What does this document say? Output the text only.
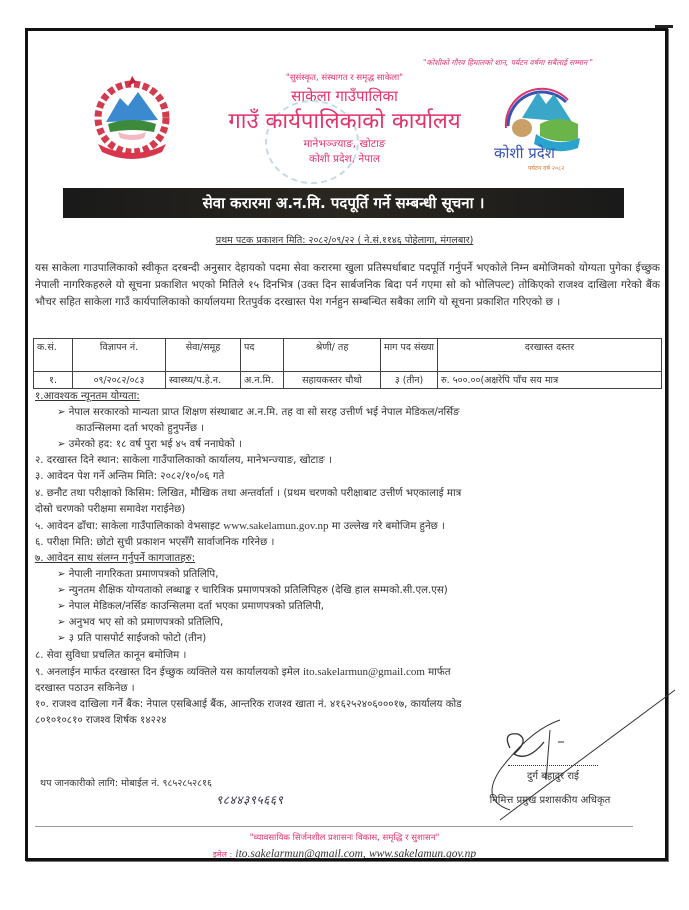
"कोशीको गौरव हिमालको शान, पर्यटन वर्षमा सबैलाई सम्मान "
कोशी प्रदेश
पर्यटन वर्ष २०८२
"सुसंस्कृत, संस्थागत र समृद्ध साकेला"
साकेला गाउँपालिका
गाउँ कार्यपालिकाको कार्यालय
मानेभञ्ज्याङ, खोटाङ
कोशी प्रदेश, नेपाल
सेवा करारमा अ.न.मि. पदपूर्ति गर्ने सम्बन्धी सूचना ।
प्रथम पटक प्रकाशन मिति: २०८२/०९/२२ ( ने.सं.११४६ पोहेलागा, मंगलबार)
यस साकेला गाउपालिकाको स्वीकृत दरबन्दी अनुसार देहायको पदमा सेवा करारमा खुला प्रतिस्पर्धाबाट पदपूर्ति गर्नुपर्ने भएकोले निम्न बमोजिमको योग्यता पुगेका ईच्छुक नेपाली नागरिकहरुले यो सूचना प्रकाशित भएको मितिले १५ दिनभित्र (उक्त दिन सार्बजनिक बिदा पर्न गएमा सो को भोलिपल्ट) तोकिएको राजश्व दाखिला गरेको बैंक भौचर सहित साकेला गाउँ कार्यपालिकाको कार्यालयमा रितपुर्वक दरखास्त पेश गर्नहुन सम्बन्धित सबैका लागि यो सूचना प्रकाशित गरिएको छ ।
क.सं.	विज्ञापन नं.	सेवा/समूह	पद	श्रेणी/ तह	माग पद संख्या	दरखास्त दस्तर
१.	०९/२०८२/०८३	स्वास्थ्य/प.हे.न.	अ.न.मि.	सहायकस्तर चौथो	३ (तीन)	रु. ५००.००(अक्षरेपि पाँच सय मात्र
१.आवश्यक न्यूनतम योग्यता:
➢ नेपाल सरकारको मान्यता प्राप्त शिक्षण संस्थाबाट अ.न.मि. तह वा सो सरह उत्तीर्ण भई नेपाल मेडिकल/नर्सिङ
काउन्सिलमा दर्ता भएको हुनुपर्नेछ ।
➢ उमेरको हद: १८ वर्ष पुरा भई ४५ वर्ष ननाघेको ।
२. दरखास्त दिने स्थान: साकेला गाउँपालिकाको कार्यालय, मानेभन्ज्याङ, खोटाङ ।
३. आवेदन पेश गर्ने अन्तिम मिति: २०८२/१०/०६ गते
४. छनौट तथा परीक्षाको किसिम: लिखित, मौखिक तथा अन्तर्वार्ता । (प्रथम चरणको परीक्षाबाट उत्तीर्ण भएकालाई मात्र
दोस्रो चरणको परीक्षमा समावेश गराईनेछ)
५. आवेदन ढाँचा: साकेला गाउँपालिकाको वेभसाइट www.sakelamun.gov.np मा उल्लेख गरे बमोजिम हुनेछ ।
६. परीक्षा मिति: छोटो सुची प्रकाशन भएसँगै सार्वाजनिक गरिनेछ ।
७. आवेदन साथ संलग्न गर्नुपर्ने कागजातहरु:
➢ नेपाली नागरिकता प्रमाणपत्रको प्रतिलिपि,
➢ न्युनतम शैक्षिक योग्यताको लब्धाङ्क र चारित्रिक प्रमाणपत्रको प्रतिलिपिहरु (देखि हाल सम्मको.सी.एल.एस)
➢ नेपाल मेडिकल/नर्सिङ काउन्सिलमा दर्ता भएका प्रमाणपत्रको प्रतिलिपी,
➢ अनुभव भए सो को प्रमाणपत्रको प्रतिलिपि,
➢ ३ प्रति पासपोर्ट साईजको फोटो (तीन)
८. सेवा सुविधा प्रचलित कानून बमोजिम ।
९. अनलाईन मार्फत दरखास्त दिन ईच्छुक व्यक्तिले यस कार्यालयको इमेल ito.sakelarmun@gmail.com मार्फत
दरखास्त पठाउन सकिनेछ ।
१०. राजश्व दाखिला गर्ने बैंक: नेपाल एसबिआई बैंक, आन्तरिक राजश्व खाता नं. ४१६२५२४०६०००१७, कार्यालय कोड
८०१०१०८१० राजश्व शिर्षक १४२२४
थप जानकारीको लागि: मोबाईल नं. ९८५२८५२८१६
९८४४३९५६६९
दुर्ग बहादुर राई
निमित्त प्रमुख प्रशासकीय अधिकृत
"व्यावसायिक सिर्जनशील प्रशासनः विकास, समृद्धि र सुशासन"
इमेल : ito.sakelarmun@gmail.com, www.sakelamun.gov.np
